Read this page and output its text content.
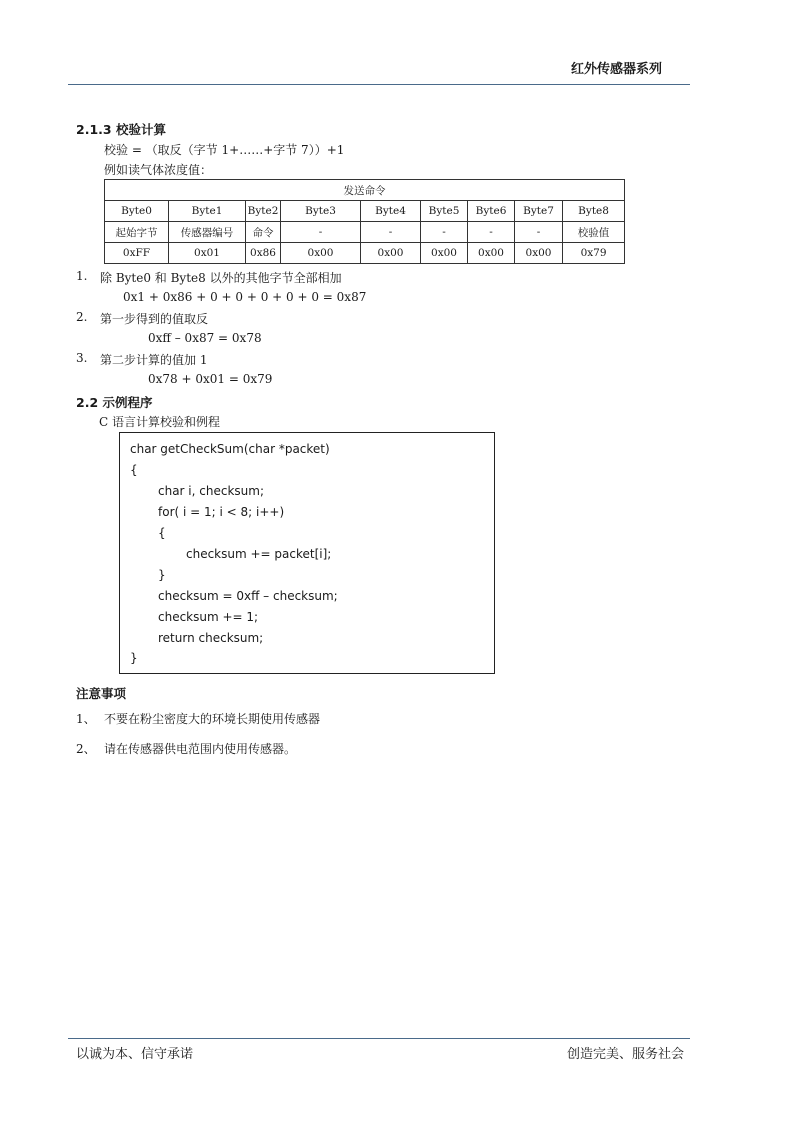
红外传感器系列
2.1.3 校验计算
校验 = （取反（字节 1+……+字节 7））+1
例如读气体浓度值：
发送命令								
Byte0	Byte1	Byte2	Byte3	Byte4	Byte5	Byte6	Byte7	Byte8
起始字节	传感器编号	命令	-	-	-	-	-	校验值
0xFF	0x01	0x86	0x00	0x00	0x00	0x00	0x00	0x79
1. 除 Byte0 和 Byte8 以外的其他字节全部相加
0x1 + 0x86 + 0 + 0 + 0 + 0 + 0 = 0x87
2. 第一步得到的值取反
0xff – 0x87 = 0x78
3. 第二步计算的值加 1
0x78 + 0x01 = 0x79
2.2 示例程序
C 语言计算校验和例程
char getCheckSum(char *packet)
{
char i, checksum;
for( i = 1; i < 8; i++)
{
checksum += packet[i];
}
checksum = 0xff – checksum;
checksum += 1;
return checksum;
}
注意事项
1、 不要在粉尘密度大的环境长期使用传感器
2、 请在传感器供电范围内使用传感器。
以诚为本、信守承诺	创造完美、服务社会
